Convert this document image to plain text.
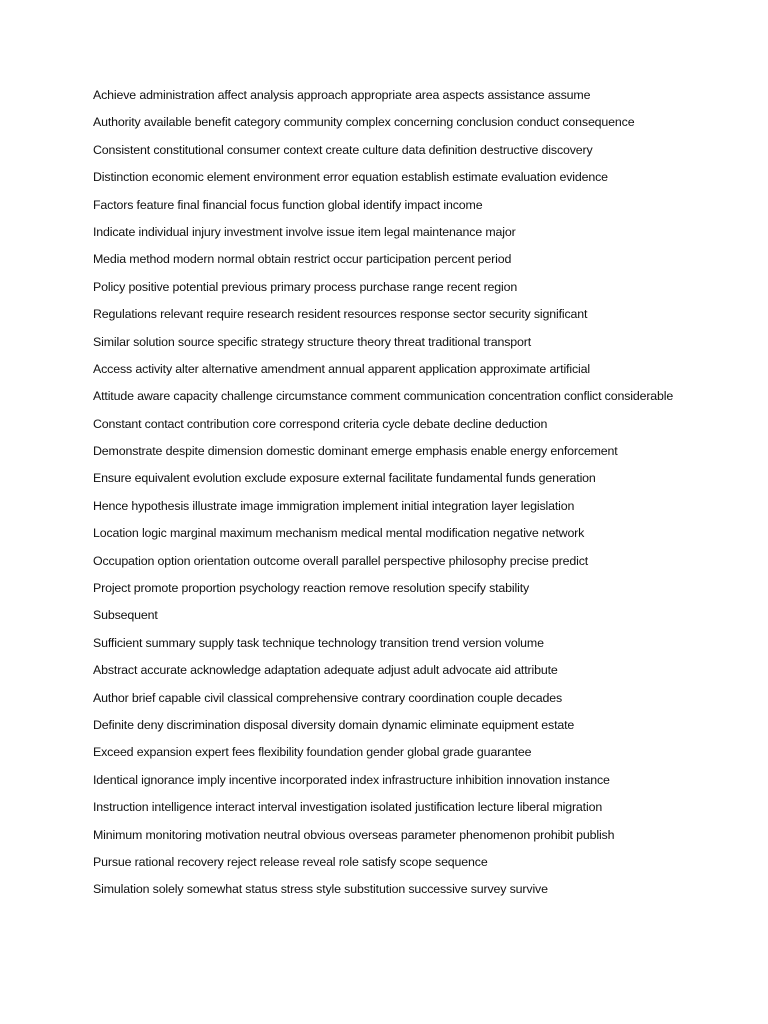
Achieve administration affect analysis approach appropriate area aspects assistance assume

Authority available benefit category community complex concerning conclusion conduct consequence

Consistent constitutional consumer context create culture data definition destructive discovery

Distinction economic element environment error equation establish estimate evaluation evidence

Factors feature final financial focus function global identify impact income

Indicate individual injury investment involve issue item legal maintenance major

Media method modern normal obtain restrict occur participation percent period

Policy positive potential previous primary process purchase range recent region

Regulations relevant require research resident resources response sector security significant

Similar solution source specific strategy structure theory threat traditional transport

Access activity alter alternative amendment annual apparent application approximate artificial

Attitude aware capacity challenge circumstance comment communication concentration conflict considerable

Constant contact contribution core correspond criteria cycle debate decline deduction

Demonstrate despite dimension domestic dominant emerge emphasis enable energy enforcement

Ensure equivalent evolution exclude exposure external facilitate fundamental funds generation

Hence hypothesis illustrate image immigration implement initial integration layer legislation

Location logic marginal maximum mechanism medical mental modification negative network

Occupation option orientation outcome overall parallel perspective philosophy precise predict

Project promote proportion psychology reaction remove resolution specify stability

Subsequent

Sufficient summary supply task technique technology transition trend version volume

Abstract accurate acknowledge adaptation adequate adjust adult advocate aid attribute

Author brief capable civil classical comprehensive contrary coordination couple decades

Definite deny discrimination disposal diversity domain dynamic eliminate equipment estate

Exceed expansion expert fees flexibility foundation gender global grade guarantee

Identical ignorance imply incentive incorporated index infrastructure inhibition innovation instance

Instruction intelligence interact interval investigation isolated justification lecture liberal migration

Minimum monitoring motivation neutral obvious overseas parameter phenomenon prohibit publish

Pursue rational recovery reject release reveal role satisfy scope sequence

Simulation solely somewhat status stress style substitution successive survey survive
